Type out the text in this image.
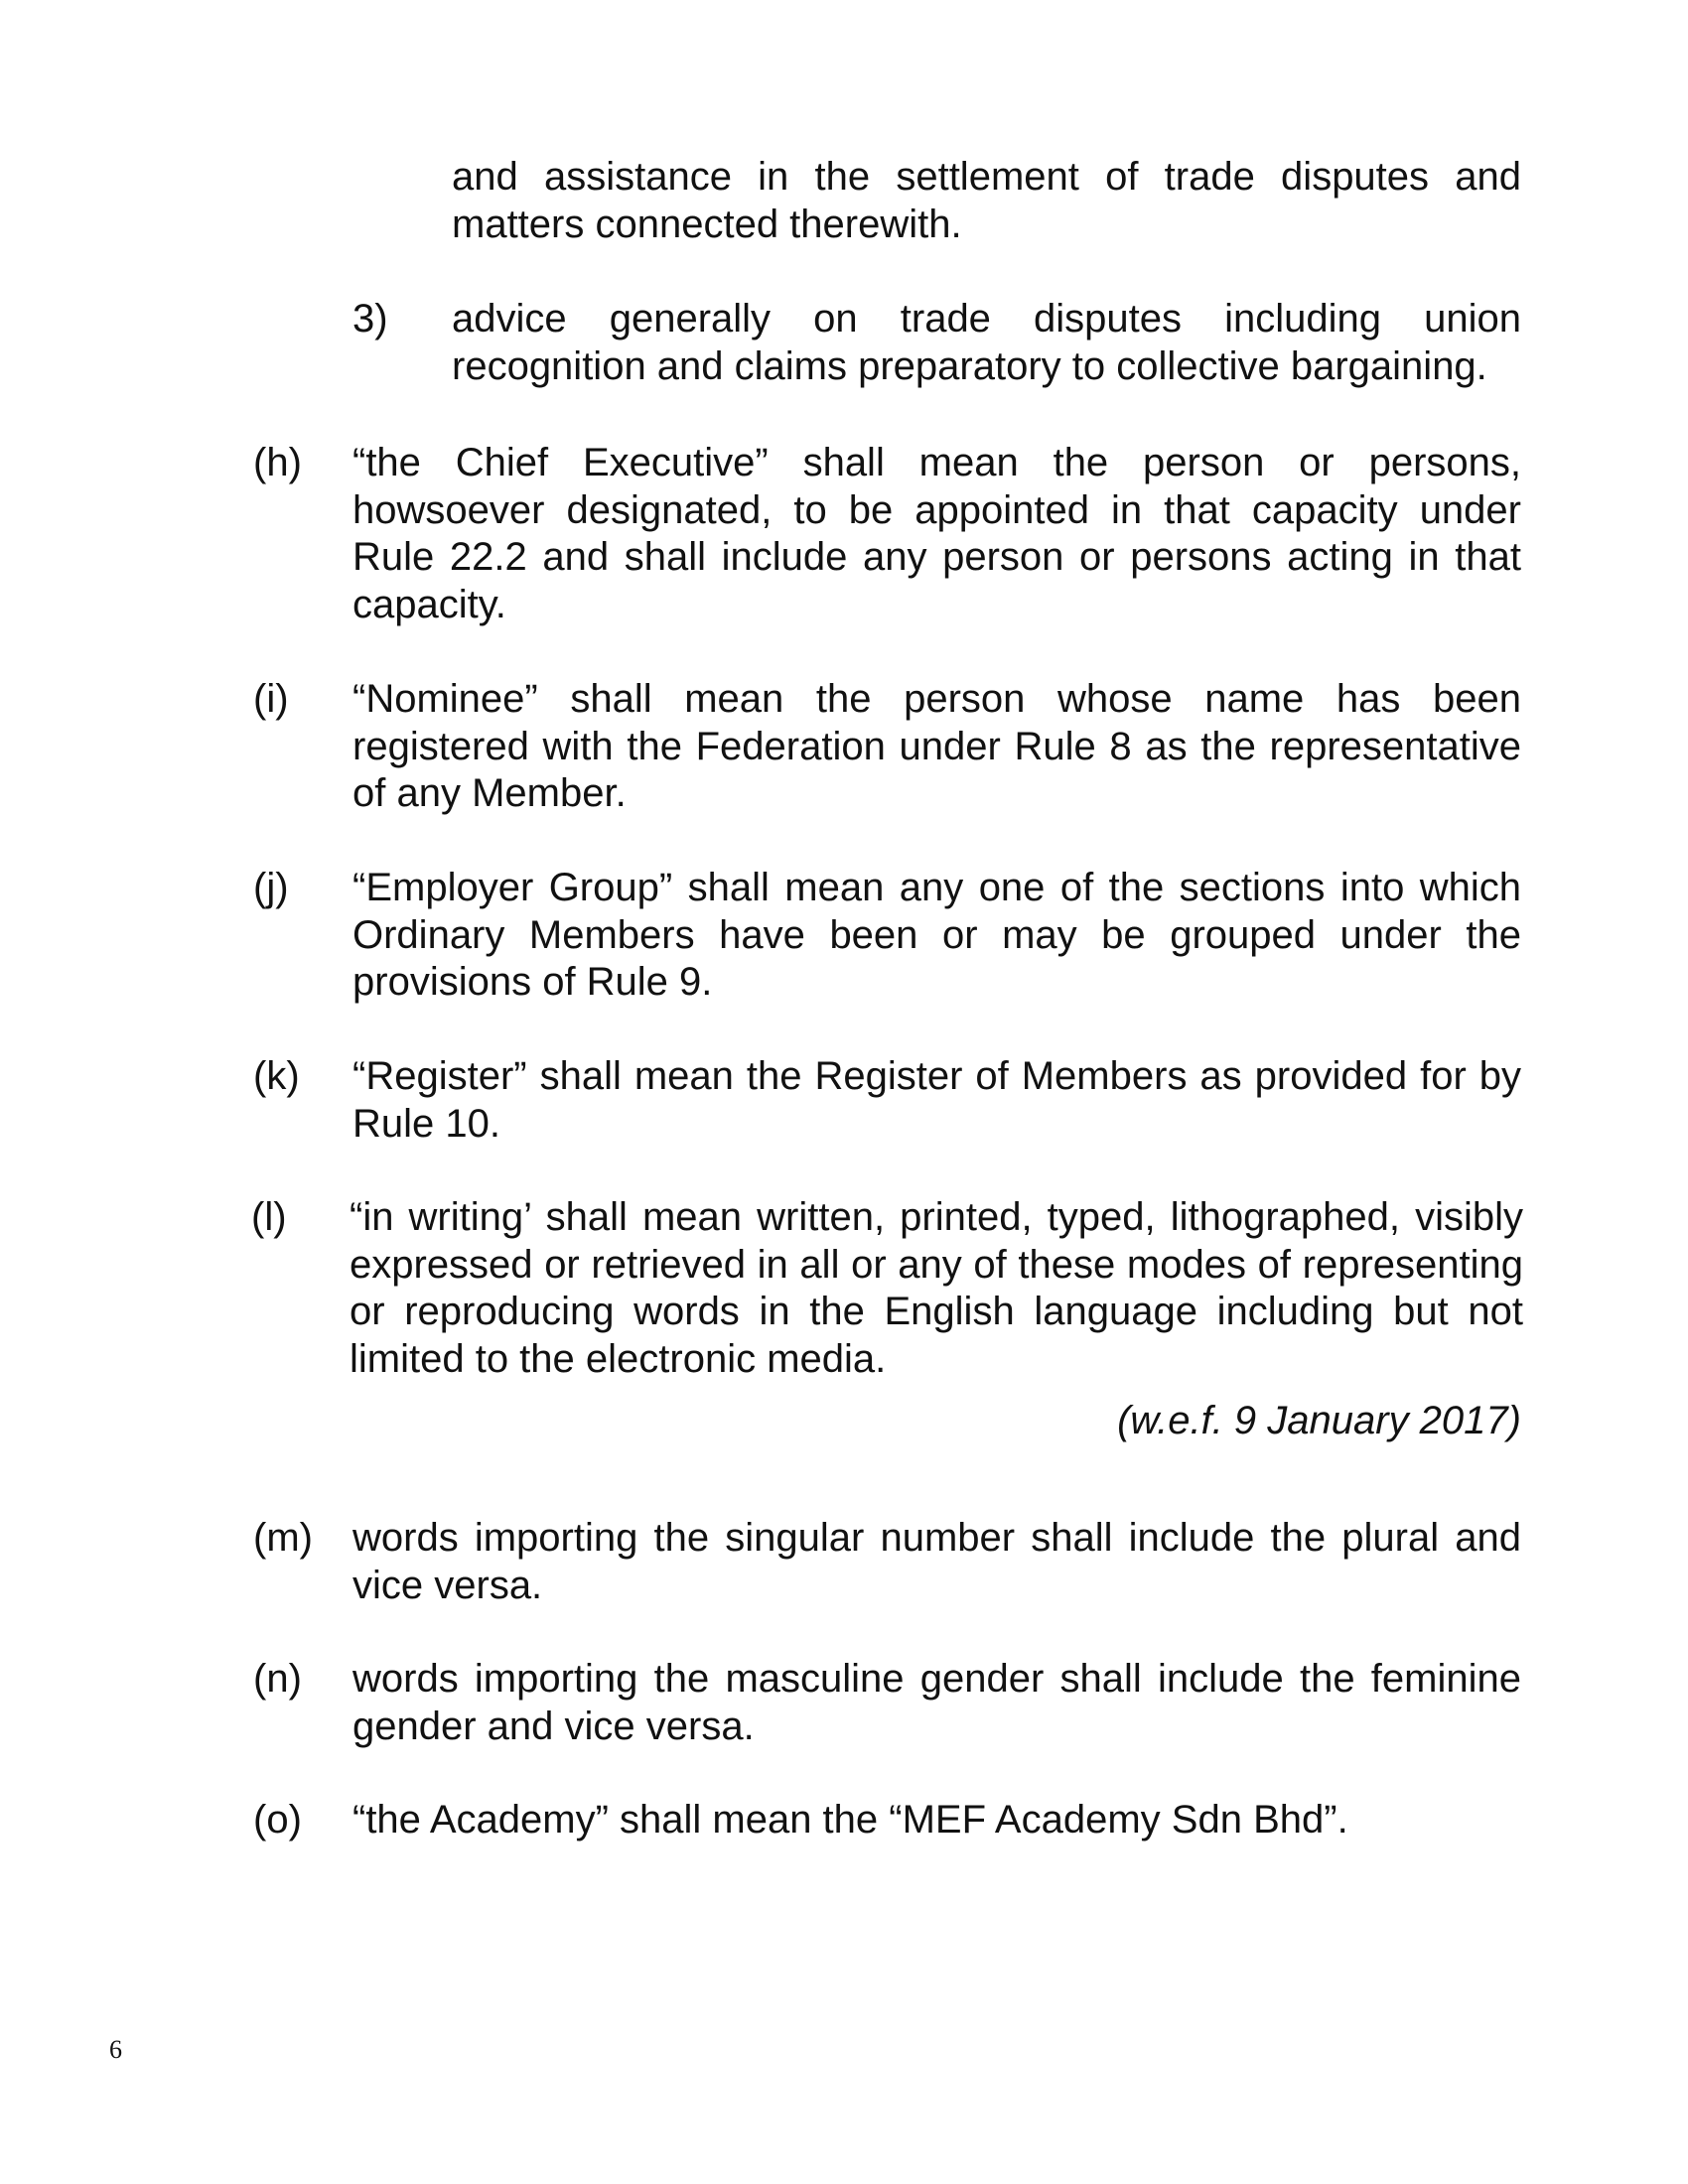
and assistance in the settlement of trade disputes and matters connected therewith.
3) advice generally on trade disputes including union recognition and claims preparatory to collective bargaining.
(h) “the Chief Executive” shall mean the person or persons, howsoever designated, to be appointed in that capacity under Rule 22.2 and shall include any person or persons acting in that capacity.
(i) “Nominee” shall mean the person whose name has been registered with the Federation under Rule 8 as the representative of any Member.
(j) “Employer Group” shall mean any one of the sections into which Ordinary Members have been or may be grouped under the provisions of Rule 9.
(k) “Register” shall mean the Register of Members as provided for by Rule 10.
(l) “in writing’ shall mean written, printed, typed, lithographed, visibly expressed or retrieved in all or any of these modes of representing or reproducing words in the English language including but not limited to the electronic media.
(w.e.f. 9 January 2017)
(m) words importing the singular number shall include the plural and vice versa.
(n) words importing the masculine gender shall include the feminine gender and vice versa.
(o) “the Academy” shall mean the “MEF Academy Sdn Bhd”.
6
